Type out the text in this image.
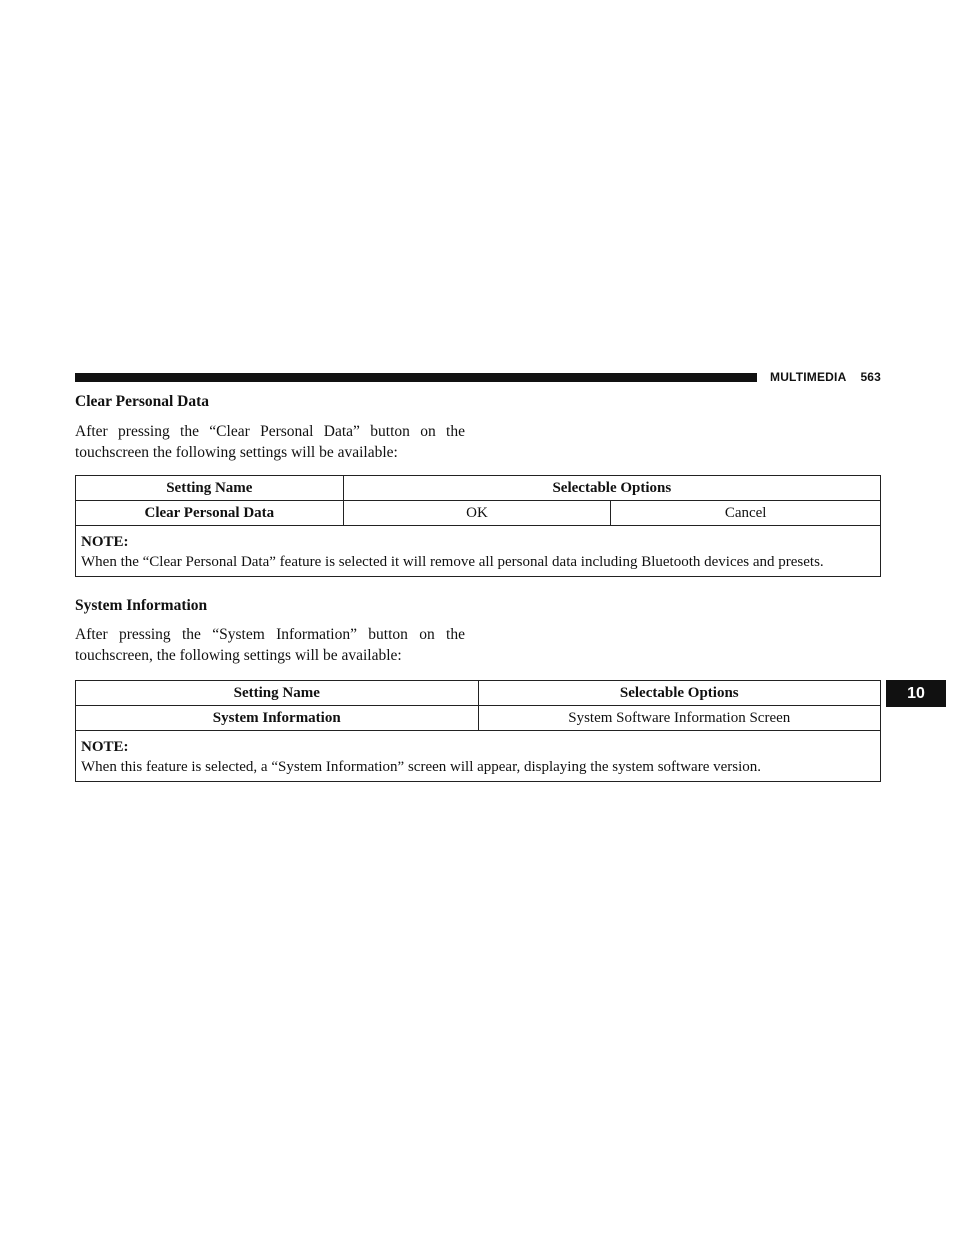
MULTIMEDIA 563
10
Clear Personal Data
After pressing the “Clear Personal Data” button on the touchscreen the following settings will be available:
Setting Name	Selectable Options	
Clear Personal Data	OK	Cancel

NOTE:
When the “Clear Personal Data” feature is selected it will remove all personal data including Bluetooth devices and presets.		
System Information
After pressing the “System Information” button on the touchscreen, the following settings will be available:
Setting Name	Selectable Options
System Information	System Software Information Screen

NOTE:
When this feature is selected, a “System Information” screen will appear, displaying the system software version.	
